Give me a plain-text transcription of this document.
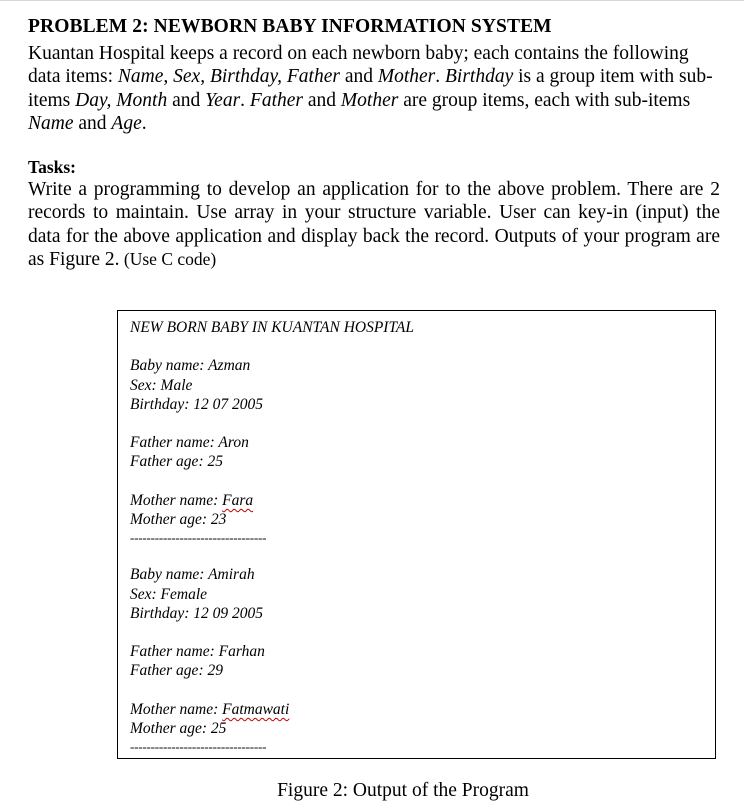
PROBLEM 2: NEWBORN BABY INFORMATION SYSTEM

Kuantan Hospital keeps a record on each newborn baby; each contains the following data items: Name, Sex, Birthday, Father and Mother. Birthday is a group item with sub-items Day, Month and Year. Father and Mother are group items, each with sub-items Name and Age.

Tasks:

Write a programming to develop an application for to the above problem. There are 2 records to maintain. Use array in your structure variable. User can key-in (input) the data for the above application and display back the record. Outputs of your program are as Figure 2. (Use C code)

NEW BORN BABY IN KUANTAN HOSPITAL
Baby name: Azman
Sex: Male
Birthday: 12 07 2005
Father name: Aron
Father age: 25
Mother name: Fara
Mother age: 23
---------------------------------
Baby name: Amirah
Sex: Female
Birthday: 12 09 2005
Father name: Farhan
Father age: 29
Mother name: Fatmawati
Mother age: 25
---------------------------------
Figure 2: Output of the Program
